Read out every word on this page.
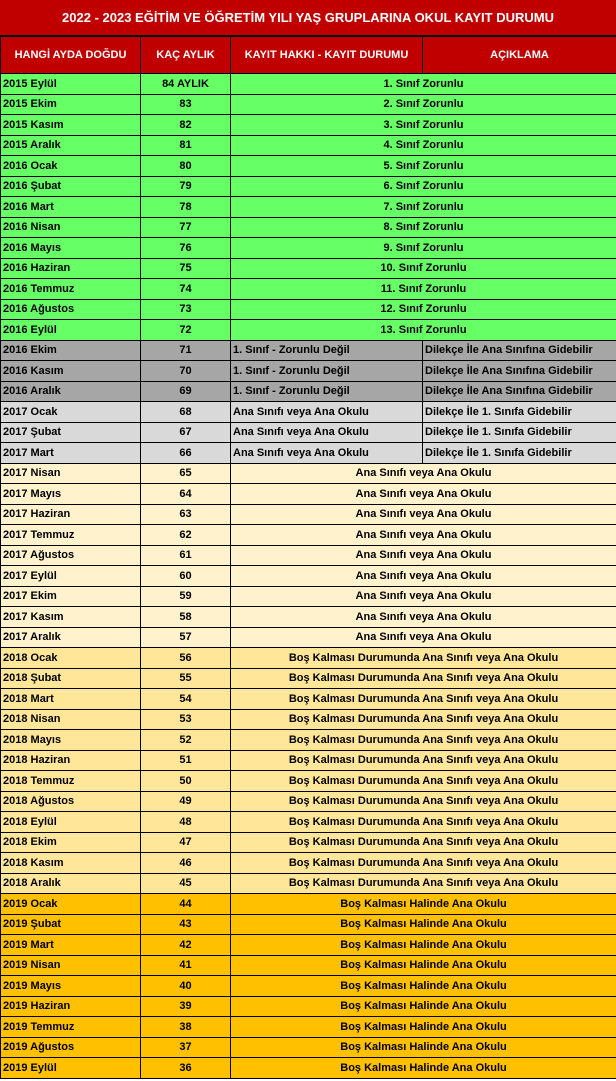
2022 - 2023 EĞİTİM VE ÖĞRETİM YILI YAŞ GRUPLARINA OKUL KAYIT DURUMU
HANGİ AYDA DOĞDU	KAÇ AYLIK	KAYIT HAKKI - KAYIT DURUMU	AÇIKLAMA
2015 Eylül	84 AYLIK	1. Sınıf Zorunlu	
2015 Ekim	83	2. Sınıf Zorunlu	
2015 Kasım	82	3. Sınıf Zorunlu	
2015 Aralık	81	4. Sınıf Zorunlu	
2016 Ocak	80	5. Sınıf Zorunlu	
2016 Şubat	79	6. Sınıf Zorunlu	
2016 Mart	78	7. Sınıf Zorunlu	
2016 Nisan	77	8. Sınıf Zorunlu	
2016 Mayıs	76	9. Sınıf Zorunlu	
2016 Haziran	75	10. Sınıf Zorunlu	
2016 Temmuz	74	11. Sınıf Zorunlu	
2016 Ağustos	73	12. Sınıf Zorunlu	
2016 Eylül	72	13. Sınıf Zorunlu	
2016 Ekim	71	1. Sınıf - Zorunlu Değil	Dilekçe İle Ana Sınıfına Gidebilir
2016 Kasım	70	1. Sınıf - Zorunlu Değil	Dilekçe İle Ana Sınıfına Gidebilir
2016 Aralık	69	1. Sınıf - Zorunlu Değil	Dilekçe İle Ana Sınıfına Gidebilir
2017 Ocak	68	Ana Sınıfı veya Ana Okulu	Dilekçe İle 1. Sınıfa Gidebilir
2017 Şubat	67	Ana Sınıfı veya Ana Okulu	Dilekçe İle 1. Sınıfa Gidebilir
2017 Mart	66	Ana Sınıfı veya Ana Okulu	Dilekçe İle 1. Sınıfa Gidebilir
2017 Nisan	65	Ana Sınıfı veya Ana Okulu	
2017 Mayıs	64	Ana Sınıfı veya Ana Okulu	
2017 Haziran	63	Ana Sınıfı veya Ana Okulu	
2017 Temmuz	62	Ana Sınıfı veya Ana Okulu	
2017 Ağustos	61	Ana Sınıfı veya Ana Okulu	
2017 Eylül	60	Ana Sınıfı veya Ana Okulu	
2017 Ekim	59	Ana Sınıfı veya Ana Okulu	
2017 Kasım	58	Ana Sınıfı veya Ana Okulu	
2017 Aralık	57	Ana Sınıfı veya Ana Okulu	
2018 Ocak	56	Boş Kalması Durumunda Ana Sınıfı veya Ana Okulu	
2018 Şubat	55	Boş Kalması Durumunda Ana Sınıfı veya Ana Okulu	
2018 Mart	54	Boş Kalması Durumunda Ana Sınıfı veya Ana Okulu	
2018 Nisan	53	Boş Kalması Durumunda Ana Sınıfı veya Ana Okulu	
2018 Mayıs	52	Boş Kalması Durumunda Ana Sınıfı veya Ana Okulu	
2018 Haziran	51	Boş Kalması Durumunda Ana Sınıfı veya Ana Okulu	
2018 Temmuz	50	Boş Kalması Durumunda Ana Sınıfı veya Ana Okulu	
2018 Ağustos	49	Boş Kalması Durumunda Ana Sınıfı veya Ana Okulu	
2018 Eylül	48	Boş Kalması Durumunda Ana Sınıfı veya Ana Okulu	
2018 Ekim	47	Boş Kalması Durumunda Ana Sınıfı veya Ana Okulu	
2018 Kasım	46	Boş Kalması Durumunda Ana Sınıfı veya Ana Okulu	
2018 Aralık	45	Boş Kalması Durumunda Ana Sınıfı veya Ana Okulu	
2019 Ocak	44	Boş Kalması Halinde Ana Okulu	
2019 Şubat	43	Boş Kalması Halinde Ana Okulu	
2019 Mart	42	Boş Kalması Halinde Ana Okulu	
2019 Nisan	41	Boş Kalması Halinde Ana Okulu	
2019 Mayıs	40	Boş Kalması Halinde Ana Okulu	
2019 Haziran	39	Boş Kalması Halinde Ana Okulu	
2019 Temmuz	38	Boş Kalması Halinde Ana Okulu	
2019 Ağustos	37	Boş Kalması Halinde Ana Okulu	
2019 Eylül	36	Boş Kalması Halinde Ana Okulu	
